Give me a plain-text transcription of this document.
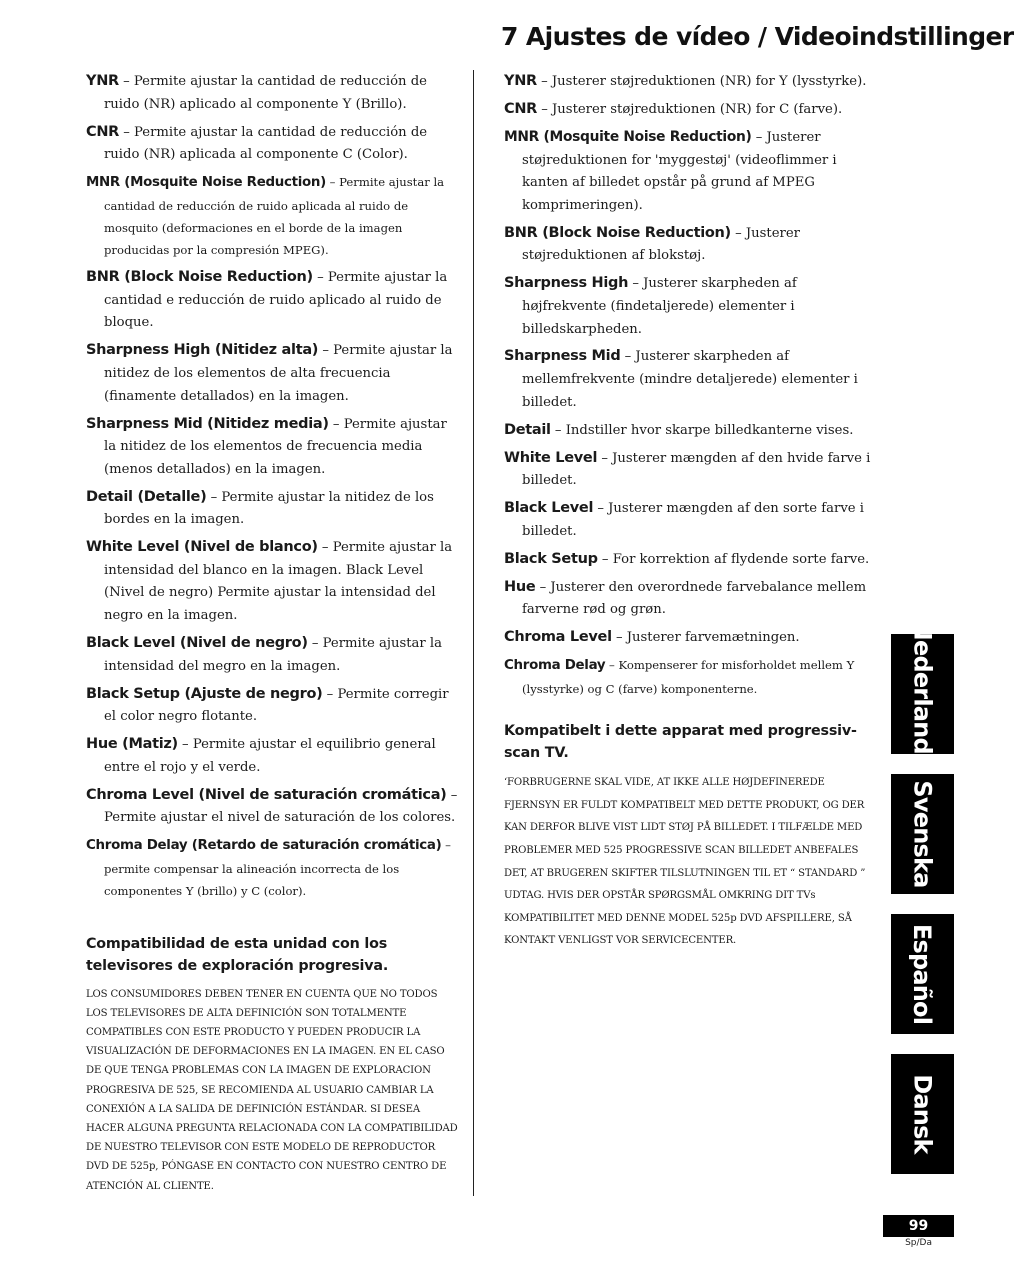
7 Ajustes de vídeo / Videoindstillinger
YNR – Permite ajustar la cantidad de reducción de ruido (NR) aplicado al componente Y (Brillo).
CNR – Permite ajustar la cantidad de reducción de ruido (NR) aplicada al componente C (Color).
MNR (Mosquite Noise Reduction) – Permite ajustar la cantidad de reducción de ruido aplicada al ruido de mosquito (deformaciones en el borde de la imagen producidas por la compresión MPEG).
BNR (Block Noise Reduction) – Permite ajustar la cantidad e reducción de ruido aplicado al ruido de bloque.
Sharpness High (Nitidez alta) – Permite ajustar la nitidez de los elementos de alta frecuencia (finamente detallados) en la imagen.
Sharpness Mid (Nitidez media) – Permite ajustar la nitidez de los elementos de frecuencia media (menos detallados) en la imagen.
Detail (Detalle) – Permite ajustar la nitidez de los bordes en la imagen.
White Level (Nivel de blanco) – Permite ajustar la intensidad del blanco en la imagen. Black Level (Nivel de negro) Permite ajustar la intensidad del negro en la imagen.
Black Level (Nivel de negro) – Permite ajustar la intensidad del megro en la imagen.
Black Setup (Ajuste de negro) – Permite corregir el color negro flotante.
Hue (Matiz) – Permite ajustar el equilibrio general entre el rojo y el verde.
Chroma Level (Nivel de saturación cromática) – Permite ajustar el nivel de saturación de los colores.
Chroma Delay (Retardo de saturación cromática) – permite compensar la alineación incorrecta de los componentes Y (brillo) y C (color).
Compatibilidad de esta unidad con los televisores de exploración progresiva.
LOS CONSUMIDORES DEBEN TENER EN CUENTA QUE NO TODOS LOS TELEVISORES DE ALTA DEFINICIÓN SON TOTALMENTE COMPATIBLES CON ESTE PRODUCTO Y PUEDEN PRODUCIR LA VISUALIZACIÓN DE DEFORMACIONES EN LA IMAGEN. EN EL CASO DE QUE TENGA PROBLEMAS CON LA IMAGEN DE EXPLORACION PROGRESIVA DE 525, SE RECOMIENDA AL USUARIO CAMBIAR LA CONEXIÓN A LA SALIDA DE DEFINICIÓN ESTÁNDAR. SI DESEA HACER ALGUNA PREGUNTA RELACIONADA CON LA COMPATIBILIDAD DE NUESTRO TELEVISOR CON ESTE MODELO DE REPRODUCTOR DVD DE 525p, PÓNGASE EN CONTACTO CON NUESTRO CENTRO DE ATENCIÓN AL CLIENTE.
YNR – Justerer støjreduktionen (NR) for Y (lysstyrke).
CNR – Justerer støjreduktionen (NR) for C (farve).
MNR (Mosquite Noise Reduction) – Justerer støjreduktionen for 'myggestøj' (videoflimmer i kanten af billedet opstår på grund af MPEG komprimeringen).
BNR (Block Noise Reduction) – Justerer støjreduktionen af blokstøj.
Sharpness High – Justerer skarpheden af højfrekvente (findetaljerede) elementer i billedskarpheden.
Sharpness Mid – Justerer skarpheden af mellemfrekvente (mindre detaljerede) elementer i billedet.
Detail – Indstiller hvor skarpe billedkanterne vises.
White Level – Justerer mængden af den hvide farve i billedet.
Black Level – Justerer mængden af den sorte farve i billedet.
Black Setup – For korrektion af flydende sorte farve.
Hue – Justerer den overordnede farvebalance mellem farverne rød og grøn.
Chroma Level – Justerer farvemætningen.
Chroma Delay – Kompenserer for misforholdet mellem Y (lysstyrke) og C (farve) komponenterne.
Kompatibelt i dette apparat med progressiv-scan TV.
‘FORBRUGERNE SKAL VIDE, AT IKKE ALLE HØJDEFINEREDE FJERNSYN ER FULDT KOMPATIBELT MED DETTE PRODUKT, OG DER KAN DERFOR BLIVE VIST LIDT STØJ PÅ BILLEDET. I TILFÆLDE MED PROBLEMER MED 525 PROGRESSIVE SCAN BILLEDET ANBEFALES DET, AT BRUGEREN SKIFTER TILSLUTNINGEN TIL ET “ STANDARD ” UDTAG. HVIS DER OPSTÅR SPØRGSMÅL OMKRING DIT TVs KOMPATIBILITET MED DENNE MODEL 525p DVD AFSPILLERE, SÅ KONTAKT VENLIGST VOR SERVICECENTER.
Nederlands
Svenska
Español
Dansk
99
Sp/Da
